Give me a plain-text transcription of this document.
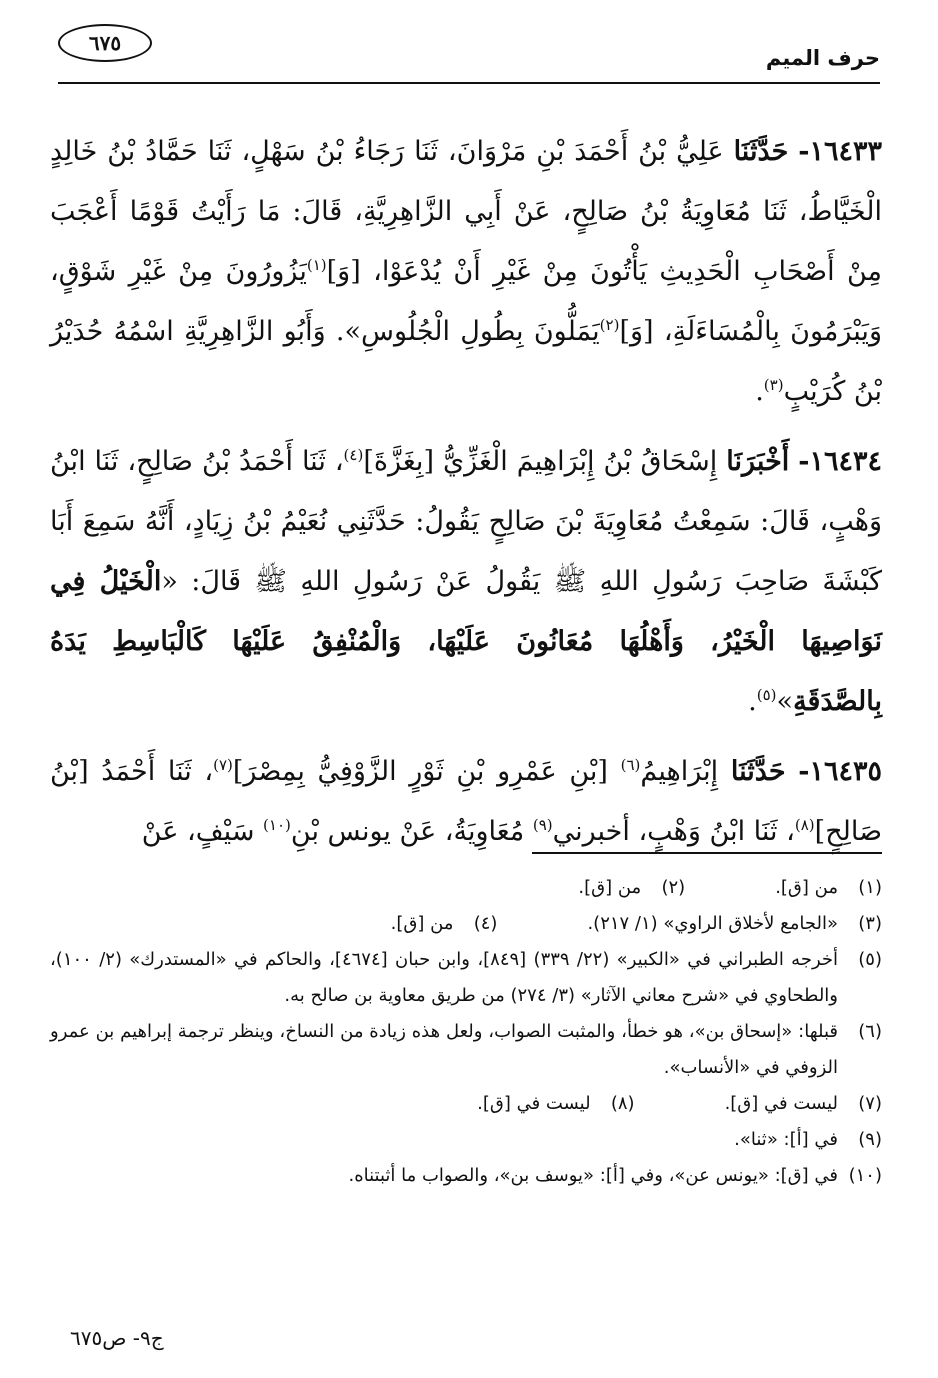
حرف الميم
٦٧٥

١٦٤٣٣- حَدَّثَنَا عَلِيُّ بْنُ أَحْمَدَ بْنِ مَرْوَانَ، ثَنَا رَجَاءُ بْنُ سَهْلٍ، ثَنَا حَمَّادُ بْنُ خَالِدٍ الْخَيَّاطُ، ثَنَا مُعَاوِيَةُ بْنُ صَالِحٍ، عَنْ أَبِي الزَّاهِرِيَّةِ، قَالَ: مَا رَأَيْتُ قَوْمًا أَعْجَبَ مِنْ أَصْحَابِ الْحَدِيثِ يَأْتُونَ مِنْ غَيْرِ أَنْ يُدْعَوْا، [وَ]$^{(١)}$يَزُورُونَ مِنْ غَيْرِ شَوْقٍ، وَيَبْرَمُونَ بِالْمُسَاءَلَةِ، [وَ]$^{(٢)}$يَمَلُّونَ بِطُولِ الْجُلُوسِ». وَأَبُو الزَّاهِرِيَّةِ اسْمُهُ حُدَيْرُ بْنُ كُرَيْبٍ$^{(٣)}$.

١٦٤٣٤- أَخْبَرَنَا إِسْحَاقُ بْنُ إِبْرَاهِيمَ الْغَزِّيُّ [بِغَزَّةَ]$^{(٤)}$، ثَنَا أَحْمَدُ بْنُ صَالِحٍ، ثَنَا ابْنُ وَهْبٍ، قَالَ: سَمِعْتُ مُعَاوِيَةَ بْنَ صَالِحٍ يَقُولُ: حَدَّثَنِي نُعَيْمُ بْنُ زِيَادٍ، أَنَّهُ سَمِعَ أَبَا كَبْشَةَ صَاحِبَ رَسُولِ اللهِ ﷺ يَقُولُ عَنْ رَسُولِ اللهِ ﷺ قَالَ: «الْخَيْلُ فِي نَوَاصِيهَا الْخَيْرُ، وَأَهْلُهَا مُعَانُونَ عَلَيْهَا، وَالْمُنْفِقُ عَلَيْهَا كَالْبَاسِطِ يَدَهُ بِالصَّدَقَةِ»$^{(٥)}$.

١٦٤٣٥- حَدَّثَنَا إِبْرَاهِيمُ$^{(٦)}$ [بْنِ عَمْرِو بْنِ ثَوْرٍ الزَّوْفِيُّ بِمِصْرَ]$^{(٧)}$، ثَنَا أَحْمَدُ [بْنُ صَالِحٍ]$^{(٨)}$، ثَنَا ابْنُ وَهْبٍ، أخبرني$^{(٩)}$ مُعَاوِيَةُ، عَنْ يونس بْنِ$^{(١٠)}$ سَيْفٍ، عَنْ

(١)
من [ق].
(٢)
من [ق].
(٣)
«الجامع لأخلاق الراوي» (١/ ٢١٧).
(٤)
من [ق].
(٥)
أخرجه الطبراني في «الكبير» (٢٢/ ٣٣٩) [٨٤٩]، وابن حبان [٤٦٧٤]، والحاكم في «المستدرك» (٢/ ١٠٠)، والطحاوي في «شرح معاني الآثار» (٣/ ٢٧٤) من طريق معاوية بن صالح به.
(٦)
قبلها: «إسحاق بن»، هو خطأ، والمثبت الصواب، ولعل هذه زيادة من النساخ، وينظر ترجمة إبراهيم بن عمرو الزوفي في «الأنساب».
(٧)
ليست في [ق].
(٨)
ليست في [ق].
(٩)
في [أ]: «ثنا».
(١٠)
في [ق]: «يونس عن»، وفي [أ]: «يوسف بن»، والصواب ما أثبتناه.
ج٩- ص٦٧٥
